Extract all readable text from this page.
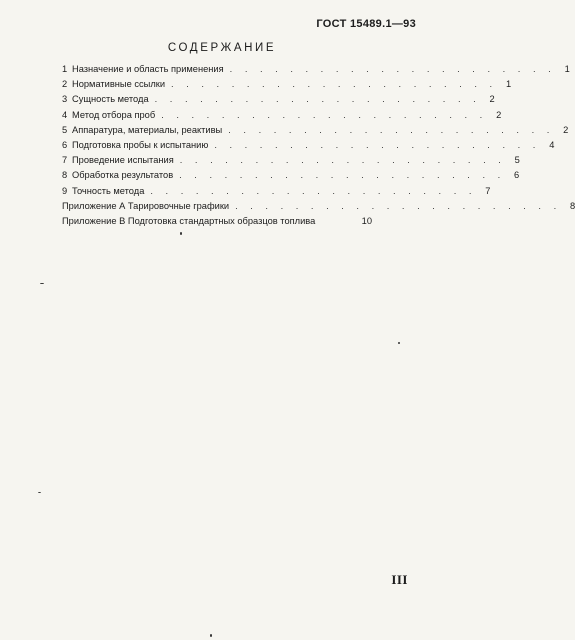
ГОСТ 15489.1—93
СОДЕРЖАНИЕ
1 Назначение и область применения . . . . . . . . . . . . . . . . . . . . . . 1
2 Нормативные ссылки . . . . . . . . . . . . . . . . . . . . . . 1
3 Сущность метода . . . . . . . . . . . . . . . . . . . . . . 2
4 Метод отбора проб . . . . . . . . . . . . . . . . . . . . . . 2
5 Аппаратура, материалы, реактивы . . . . . . . . . . . . . . . . . . . . . . 2
6 Подготовка пробы к испытанию . . . . . . . . . . . . . . . . . . . . . . 4
7 Проведение испытания . . . . . . . . . . . . . . . . . . . . . . 5
8 Обработка результатов . . . . . . . . . . . . . . . . . . . . . . 6
9 Точность метода . . . . . . . . . . . . . . . . . . . . . . 7
Приложение А Тарировочные графики . . . . . . . . . . . . . . . . . . . . . . 8
Приложение В Подготовка стандартных образцов топлива	10
III
